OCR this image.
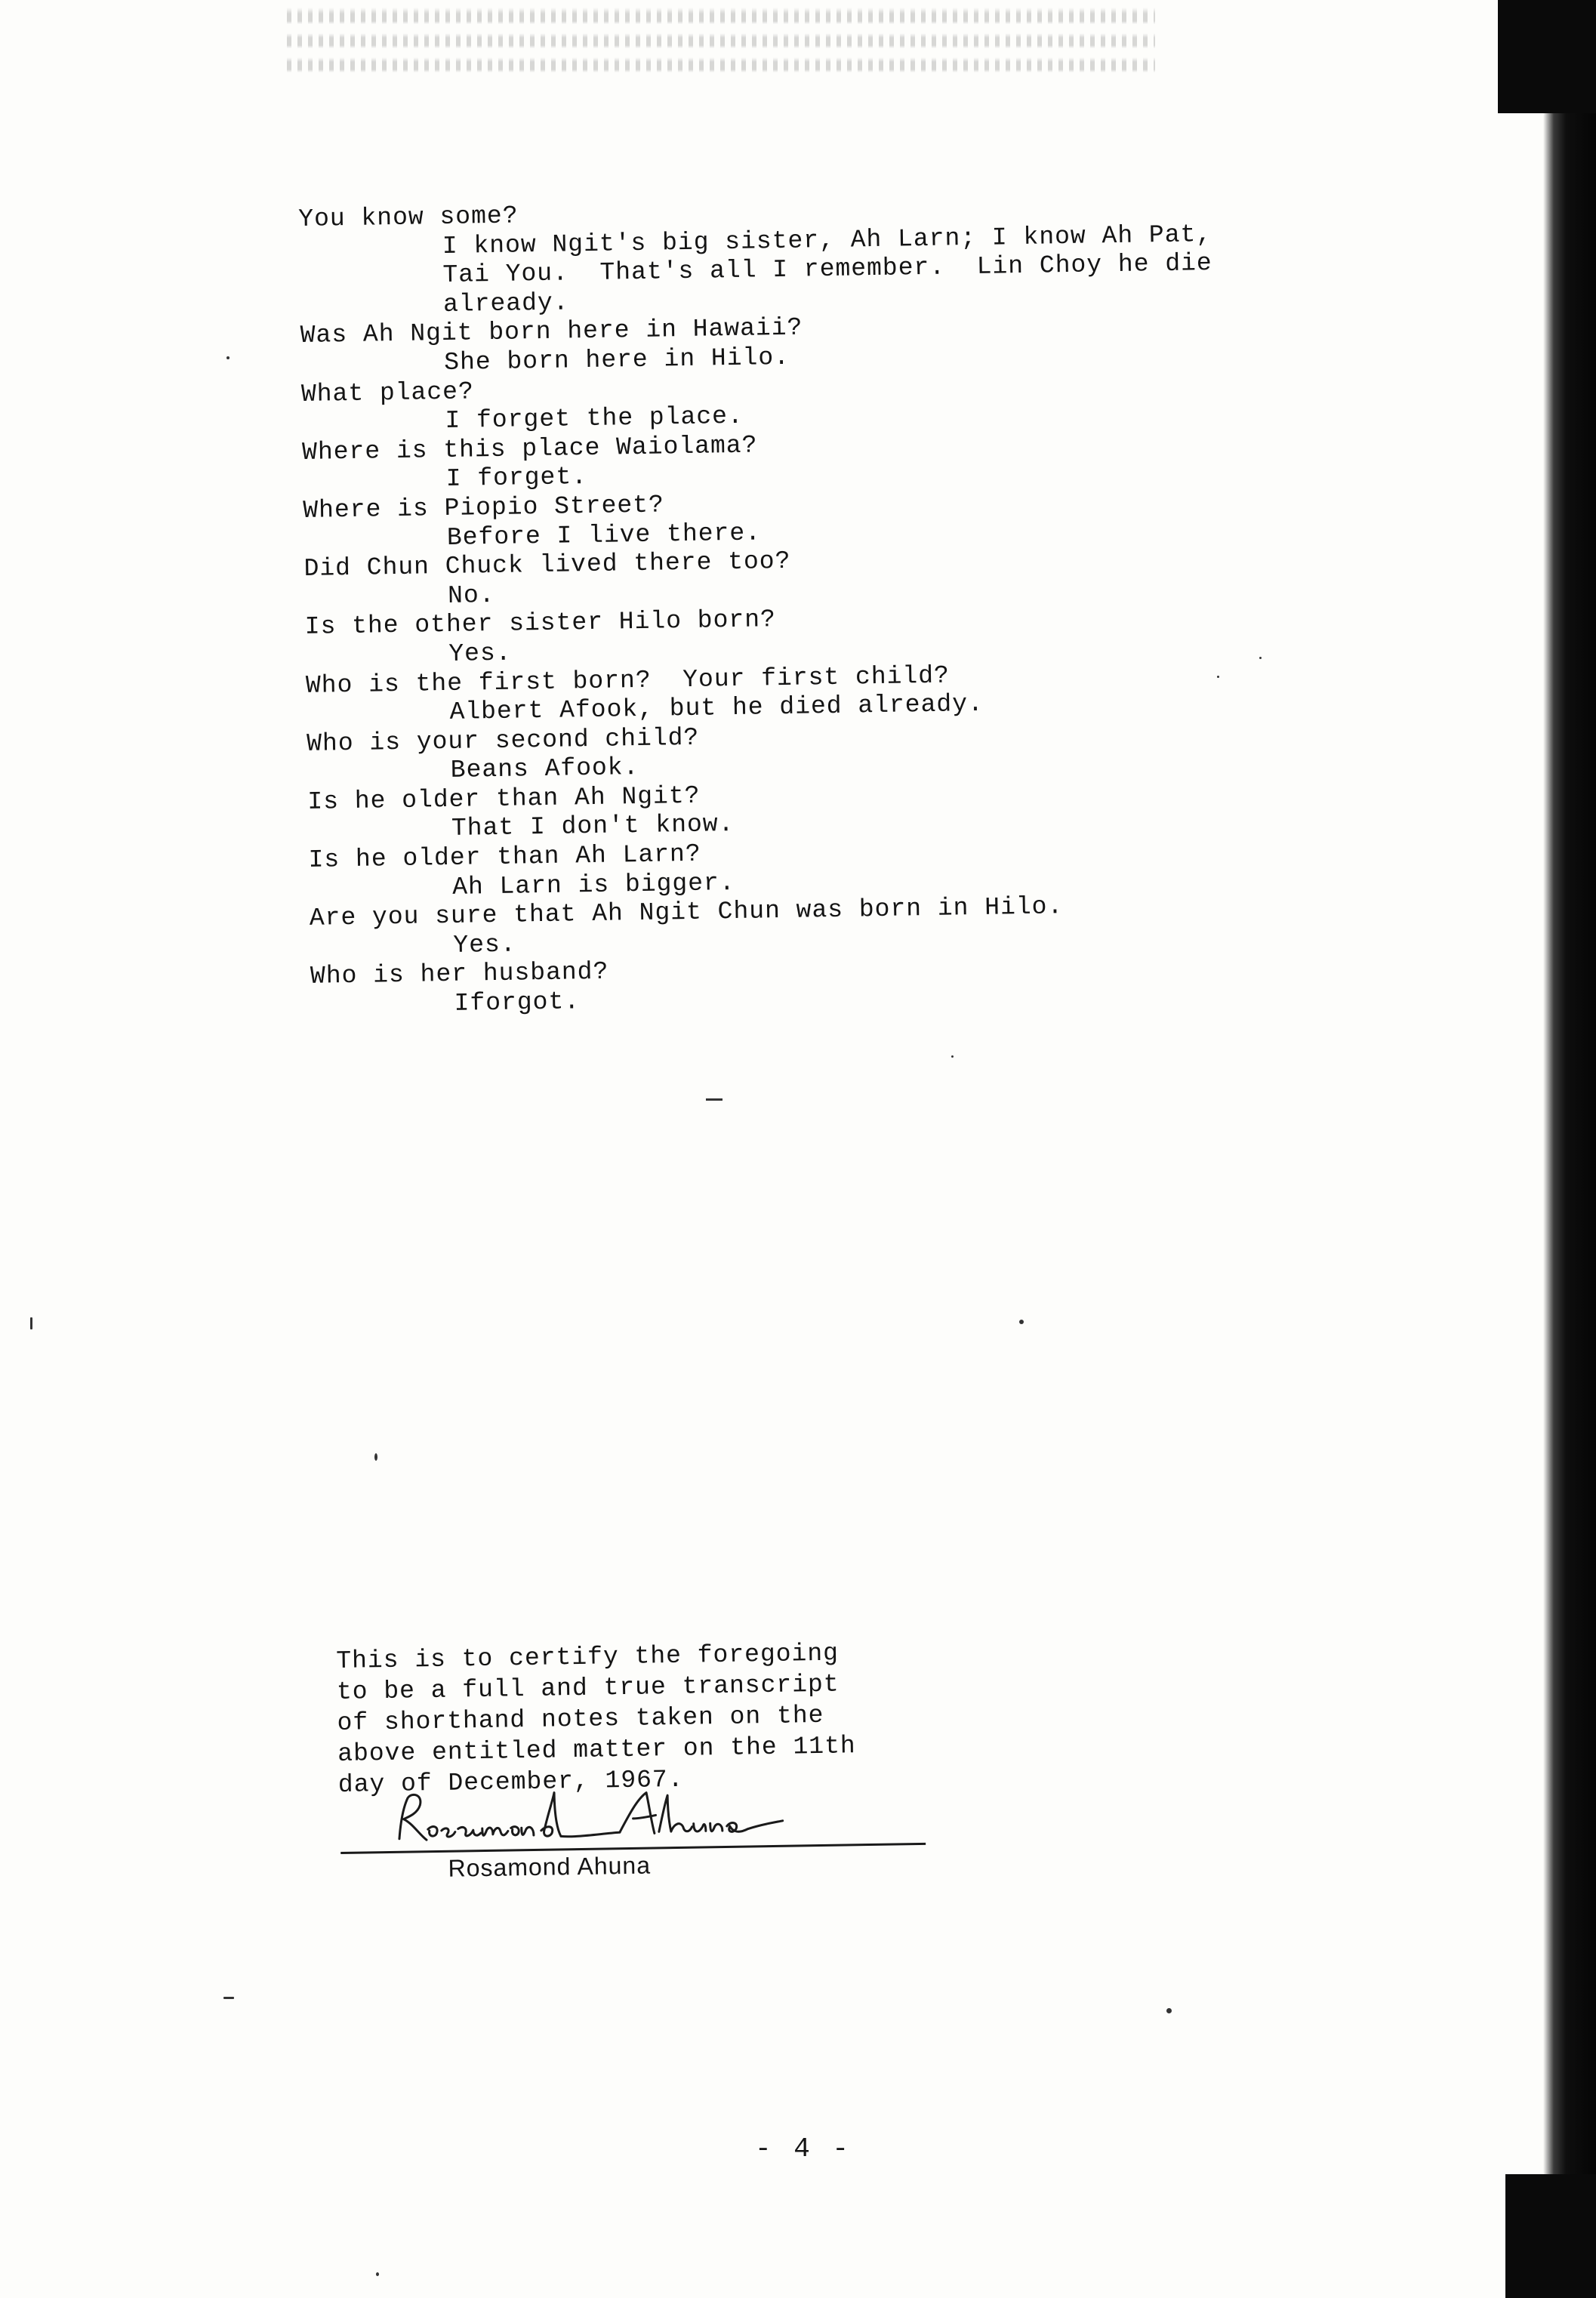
You know some?
I know Ngit's big sister, Ah Larn; I know Ah Pat,
Tai You.  That's all I remember.  Lin Choy he die
already.
Was Ah Ngit born here in Hawaii?
She born here in Hilo.
What place?
I forget the place.
Where is this place Waiolama?
I forget.
Where is Piopio Street?
Before I live there.
Did Chun Chuck lived there too?
No.
Is the other sister Hilo born?
Yes.
Who is the first born?  Your first child?
Albert Afook, but he died already.
Who is your second child?
Beans Afook.
Is he older than Ah Ngit?
That I don't know.
Is he older than Ah Larn?
Ah Larn is bigger.
Are you sure that Ah Ngit Chun was born in Hilo.
Yes.
Who is her husband?
Iforgot.
This is to certify the foregoing
to be a full and true transcript
of shorthand notes taken on the
above entitled matter on the 11th
day of December, 1967.
Rosamond Ahuna
- 4 -
